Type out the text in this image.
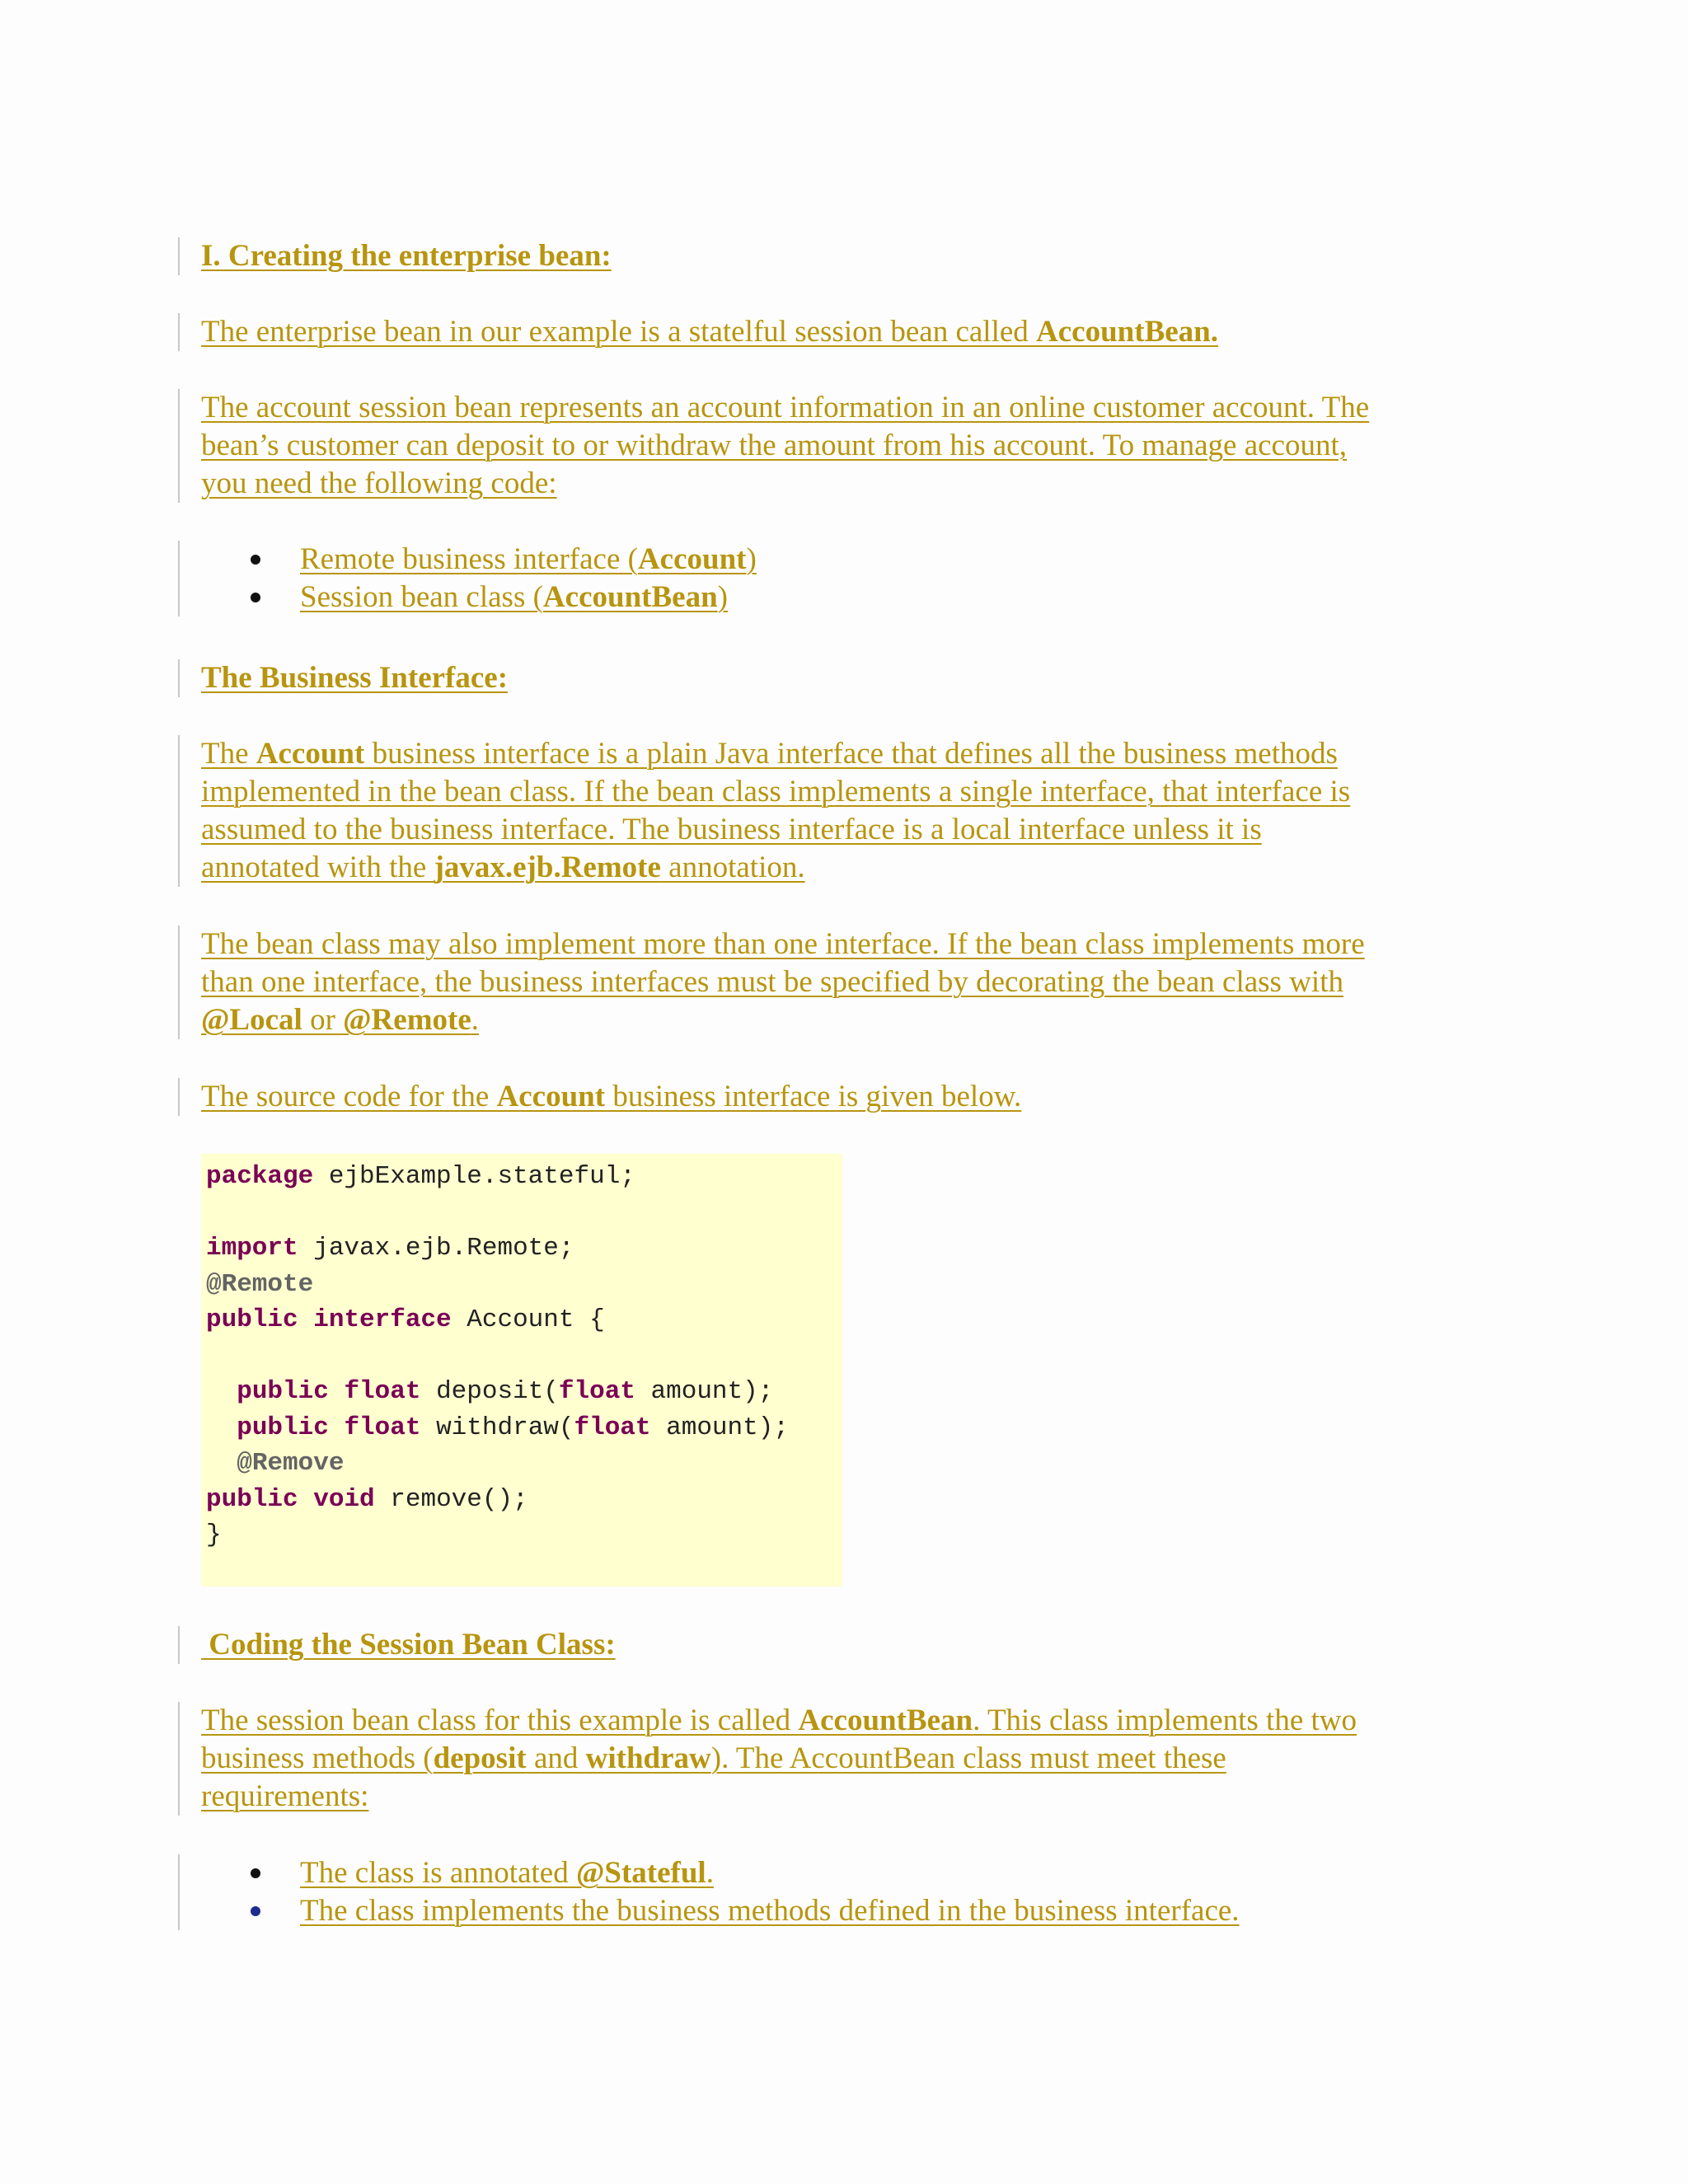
I. Creating the enterprise bean:
The enterprise bean in our example is a statelful session bean called AccountBean.
The account session bean represents an account information in an online customer account. The
bean’s customer can deposit to or withdraw the amount from his account. To manage account,
you need the following code:
Remote business interface (Account)
Session bean class (AccountBean)
The Business Interface:
The Account business interface is a plain Java interface that defines all the business methods
implemented in the bean class. If the bean class implements a single interface, that interface is
assumed to the business interface. The business interface is a local interface unless it is
annotated with the javax.ejb.Remote annotation.
The bean class may also implement more than one interface. If the bean class implements more
than one interface, the business interfaces must be specified by decorating the bean class with
@Local or @Remote.
The source code for the Account business interface is given below.
package ejbExample.stateful;
import javax.ejb.Remote;
@Remote
public interface Account {
public float deposit(float amount);
public float withdraw(float amount);
@Remove
public void remove();
}
Coding the Session Bean Class:
The session bean class for this example is called AccountBean. This class implements the two
business methods (deposit and withdraw). The AccountBean class must meet these
requirements:
The class is annotated @Stateful.
The class implements the business methods defined in the business interface.
